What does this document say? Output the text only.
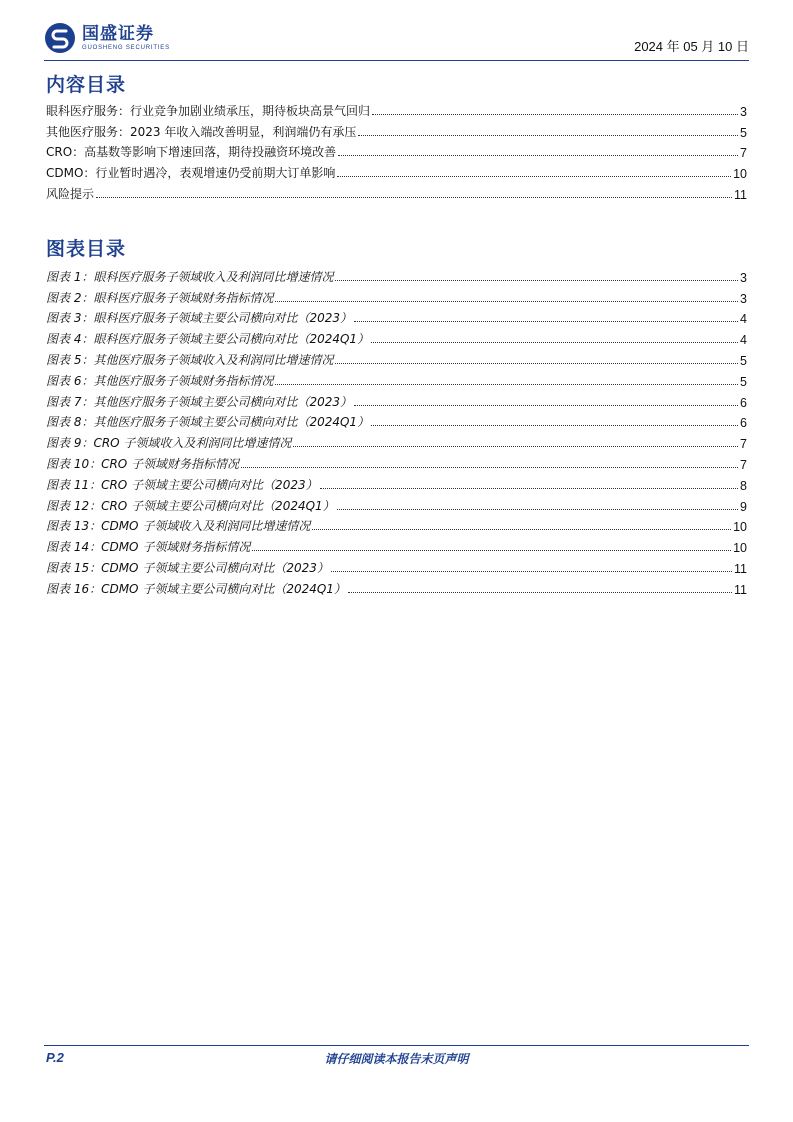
国盛证券
GUOSHENG SECURITIES	2024 年 05 月 10 日
内容目录
眼科医疗服务：行业竞争加剧业绩承压，期待板块高景气回归	3
其他医疗服务：2023 年收入端改善明显，利润端仍有承压	5
CRO：高基数等影响下增速回落，期待投融资环境改善	7
CDMO：行业暂时遇冷，表观增速仍受前期大订单影响	10
风险提示	11
图表目录
图表 1：眼科医疗服务子领域收入及利润同比增速情况	3
图表 2：眼科医疗服务子领域财务指标情况	3
图表 3：眼科医疗服务子领域主要公司横向对比（2023）	4
图表 4：眼科医疗服务子领域主要公司横向对比（2024Q1）	4
图表 5：其他医疗服务子领域收入及利润同比增速情况	5
图表 6：其他医疗服务子领域财务指标情况	5
图表 7：其他医疗服务子领域主要公司横向对比（2023）	6
图表 8：其他医疗服务子领域主要公司横向对比（2024Q1）	6
图表 9：CRO 子领域收入及利润同比增速情况	7
图表 10：CRO 子领域财务指标情况	7
图表 11：CRO 子领域主要公司横向对比（2023）	8
图表 12：CRO 子领域主要公司横向对比（2024Q1）	9
图表 13：CDMO 子领域收入及利润同比增速情况	10
图表 14：CDMO 子领域财务指标情况	10
图表 15：CDMO 子领域主要公司横向对比（2023）	11
图表 16：CDMO 子领域主要公司横向对比（2024Q1）	11
P.2	请仔细阅读本报告末页声明
